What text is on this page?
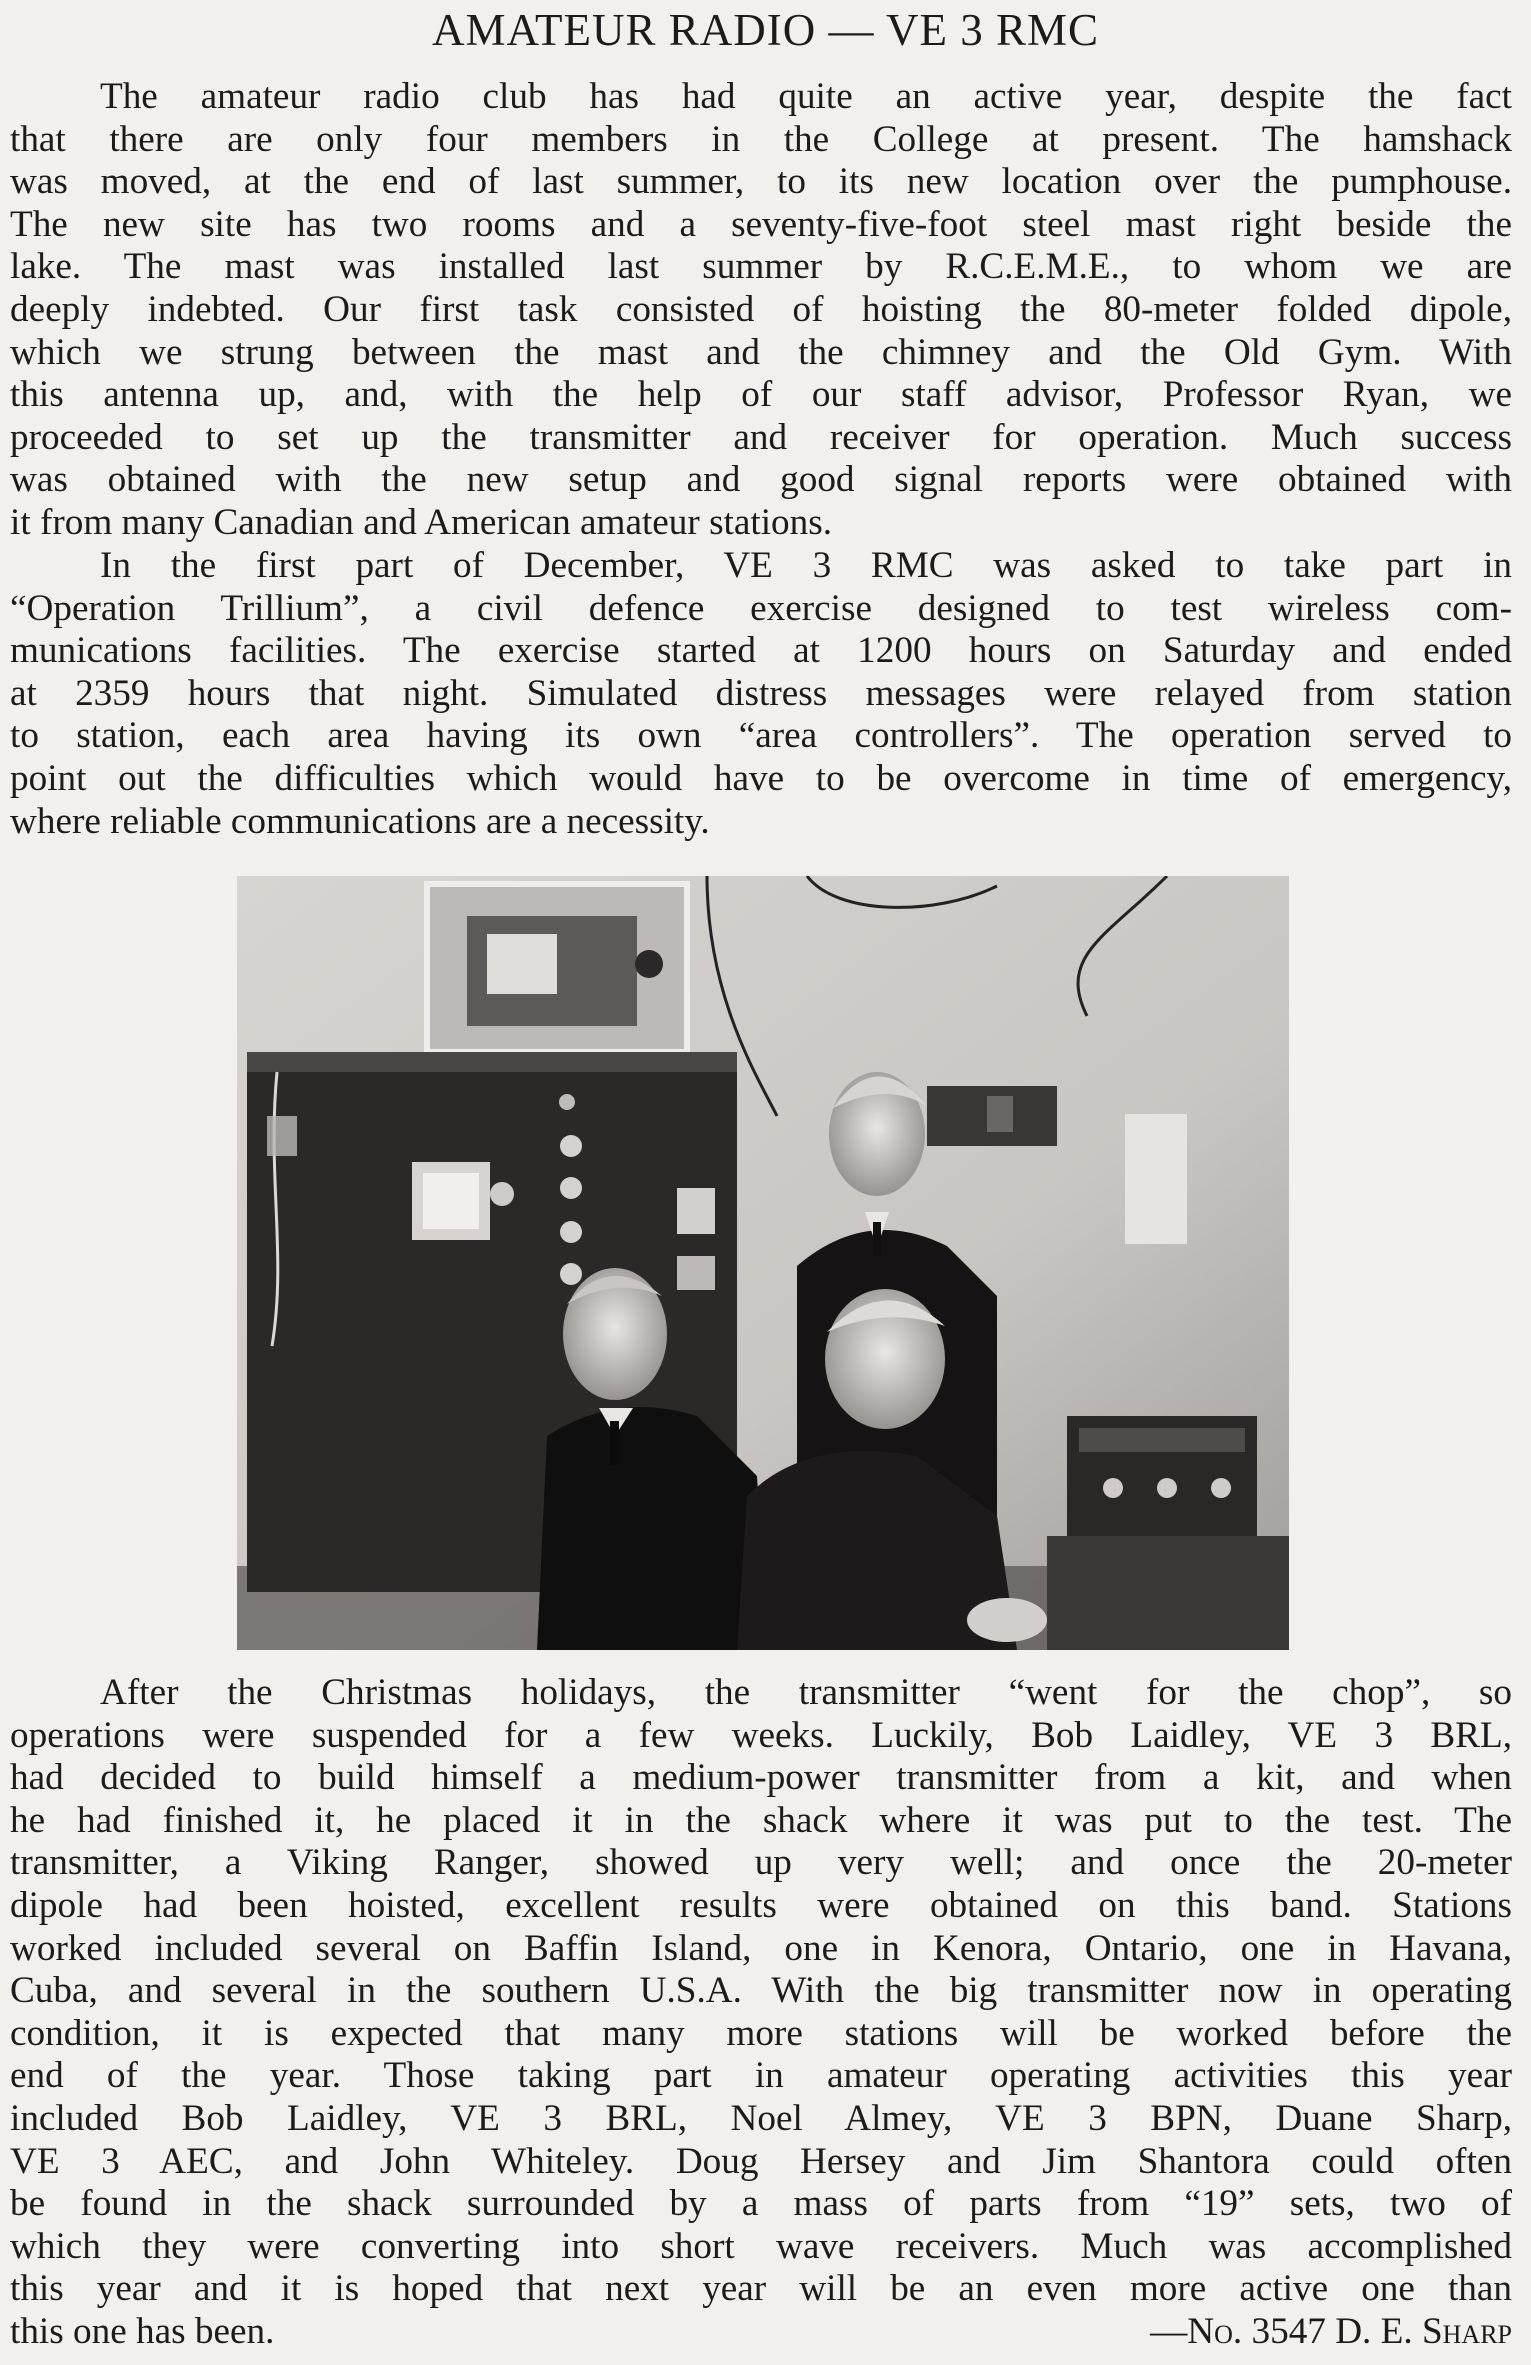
AMATEUR RADIO — VE 3 RMC
The amateur radio club has had quite an active year, despite the fact
that there are only four members in the College at present. The hamshack
was moved, at the end of last summer, to its new location over the pumphouse.
The new site has two rooms and a seventy-five-foot steel mast right beside the
lake. The mast was installed last summer by R.C.E.M.E., to whom we are
deeply indebted. Our first task consisted of hoisting the 80-meter folded dipole,
which we strung between the mast and the chimney and the Old Gym. With
this antenna up, and, with the help of our staff advisor, Professor Ryan, we
proceeded to set up the transmitter and receiver for operation. Much success
was obtained with the new setup and good signal reports were obtained with
it from many Canadian and American amateur stations.
In the first part of December, VE 3 RMC was asked to take part in
“Operation Trillium”, a civil defence exercise designed to test wireless com-
munications facilities. The exercise started at 1200 hours on Saturday and ended
at 2359 hours that night. Simulated distress messages were relayed from station
to station, each area having its own “area controllers”. The operation served to
point out the difficulties which would have to be overcome in time of emergency,
where reliable communications are a necessity.
After the Christmas holidays, the transmitter “went for the chop”, so
operations were suspended for a few weeks. Luckily, Bob Laidley, VE 3 BRL,
had decided to build himself a medium-power transmitter from a kit, and when
he had finished it, he placed it in the shack where it was put to the test. The
transmitter, a Viking Ranger, showed up very well; and once the 20-meter
dipole had been hoisted, excellent results were obtained on this band. Stations
worked included several on Baffin Island, one in Kenora, Ontario, one in Havana,
Cuba, and several in the southern U.S.A. With the big transmitter now in operating
condition, it is expected that many more stations will be worked before the
end of the year. Those taking part in amateur operating activities this year
included Bob Laidley, VE 3 BRL, Noel Almey, VE 3 BPN, Duane Sharp,
VE 3 AEC, and John Whiteley. Doug Hersey and Jim Shantora could often
be found in the shack surrounded by a mass of parts from “19” sets, two of
which they were converting into short wave receivers. Much was accomplished
this year and it is hoped that next year will be an even more active one than
this one has been.	—No. 3547 D. E. Sharp
